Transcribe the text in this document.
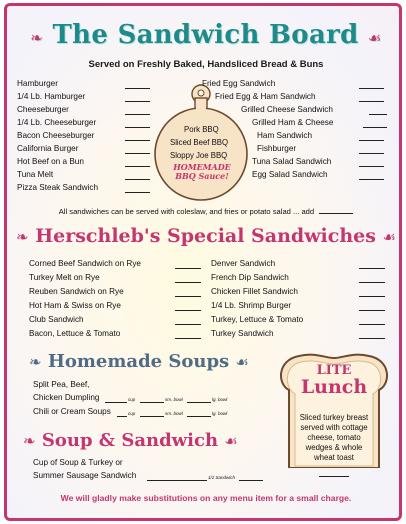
❧ The Sandwich Board ☙
Served on Freshly Baked, Handsliced Bread & Buns
Hamburger
1/4 Lb. Hamburger
Cheeseburger
1/4 Lb. Cheeseburger
Bacon Cheeseburger
California Burger
Hot Beef on a Bun
Tuna Melt
Pizza Steak Sandwich
Pork BBQ
Sliced Beef BBQ
Sloppy Joe BBQ
HOMEMADE
BBQ Sauce!
Fried Egg Sandwich
Fried Egg & Ham Sandwich
Grilled Cheese Sandwich
Grilled Ham & Cheese
Ham Sandwich
Fishburger
Tuna Salad Sandwich
Egg Salad Sandwich
All sandwiches can be served with coleslaw, and fries or potato salad ... add
❧ Herschleb's Special Sandwiches ☙
Corned Beef Sandwich on Rye
Turkey Melt on Rye
Reuben Sandwich on Rye
Hot Ham & Swiss on Rye
Club Sandwich
Bacon, Lettuce & Tomato
Denver Sandwich
French Dip Sandwich
Chicken Fillet Sandwich
1/4 Lb. Shrimp Burger
Turkey, Lettuce & Tomato
Turkey Sandwich
❧ Homemade Soups ☙
Split Pea, Beef,
Chicken Dumpling
Chili or Cream Soups
cup	sm. bowl	lg. bowl
cup	sm. bowl	lg. bowl
❧ Soup & Sandwich ☙
Cup of Soup & Turkey or
Summer Sausage Sandwich	1/2 Sandwich
LITE
Lunch
Sliced turkey breast served with cottage cheese, tomato wedges & whole wheat toast
We will gladly make substitutions on any menu item for a small charge.
